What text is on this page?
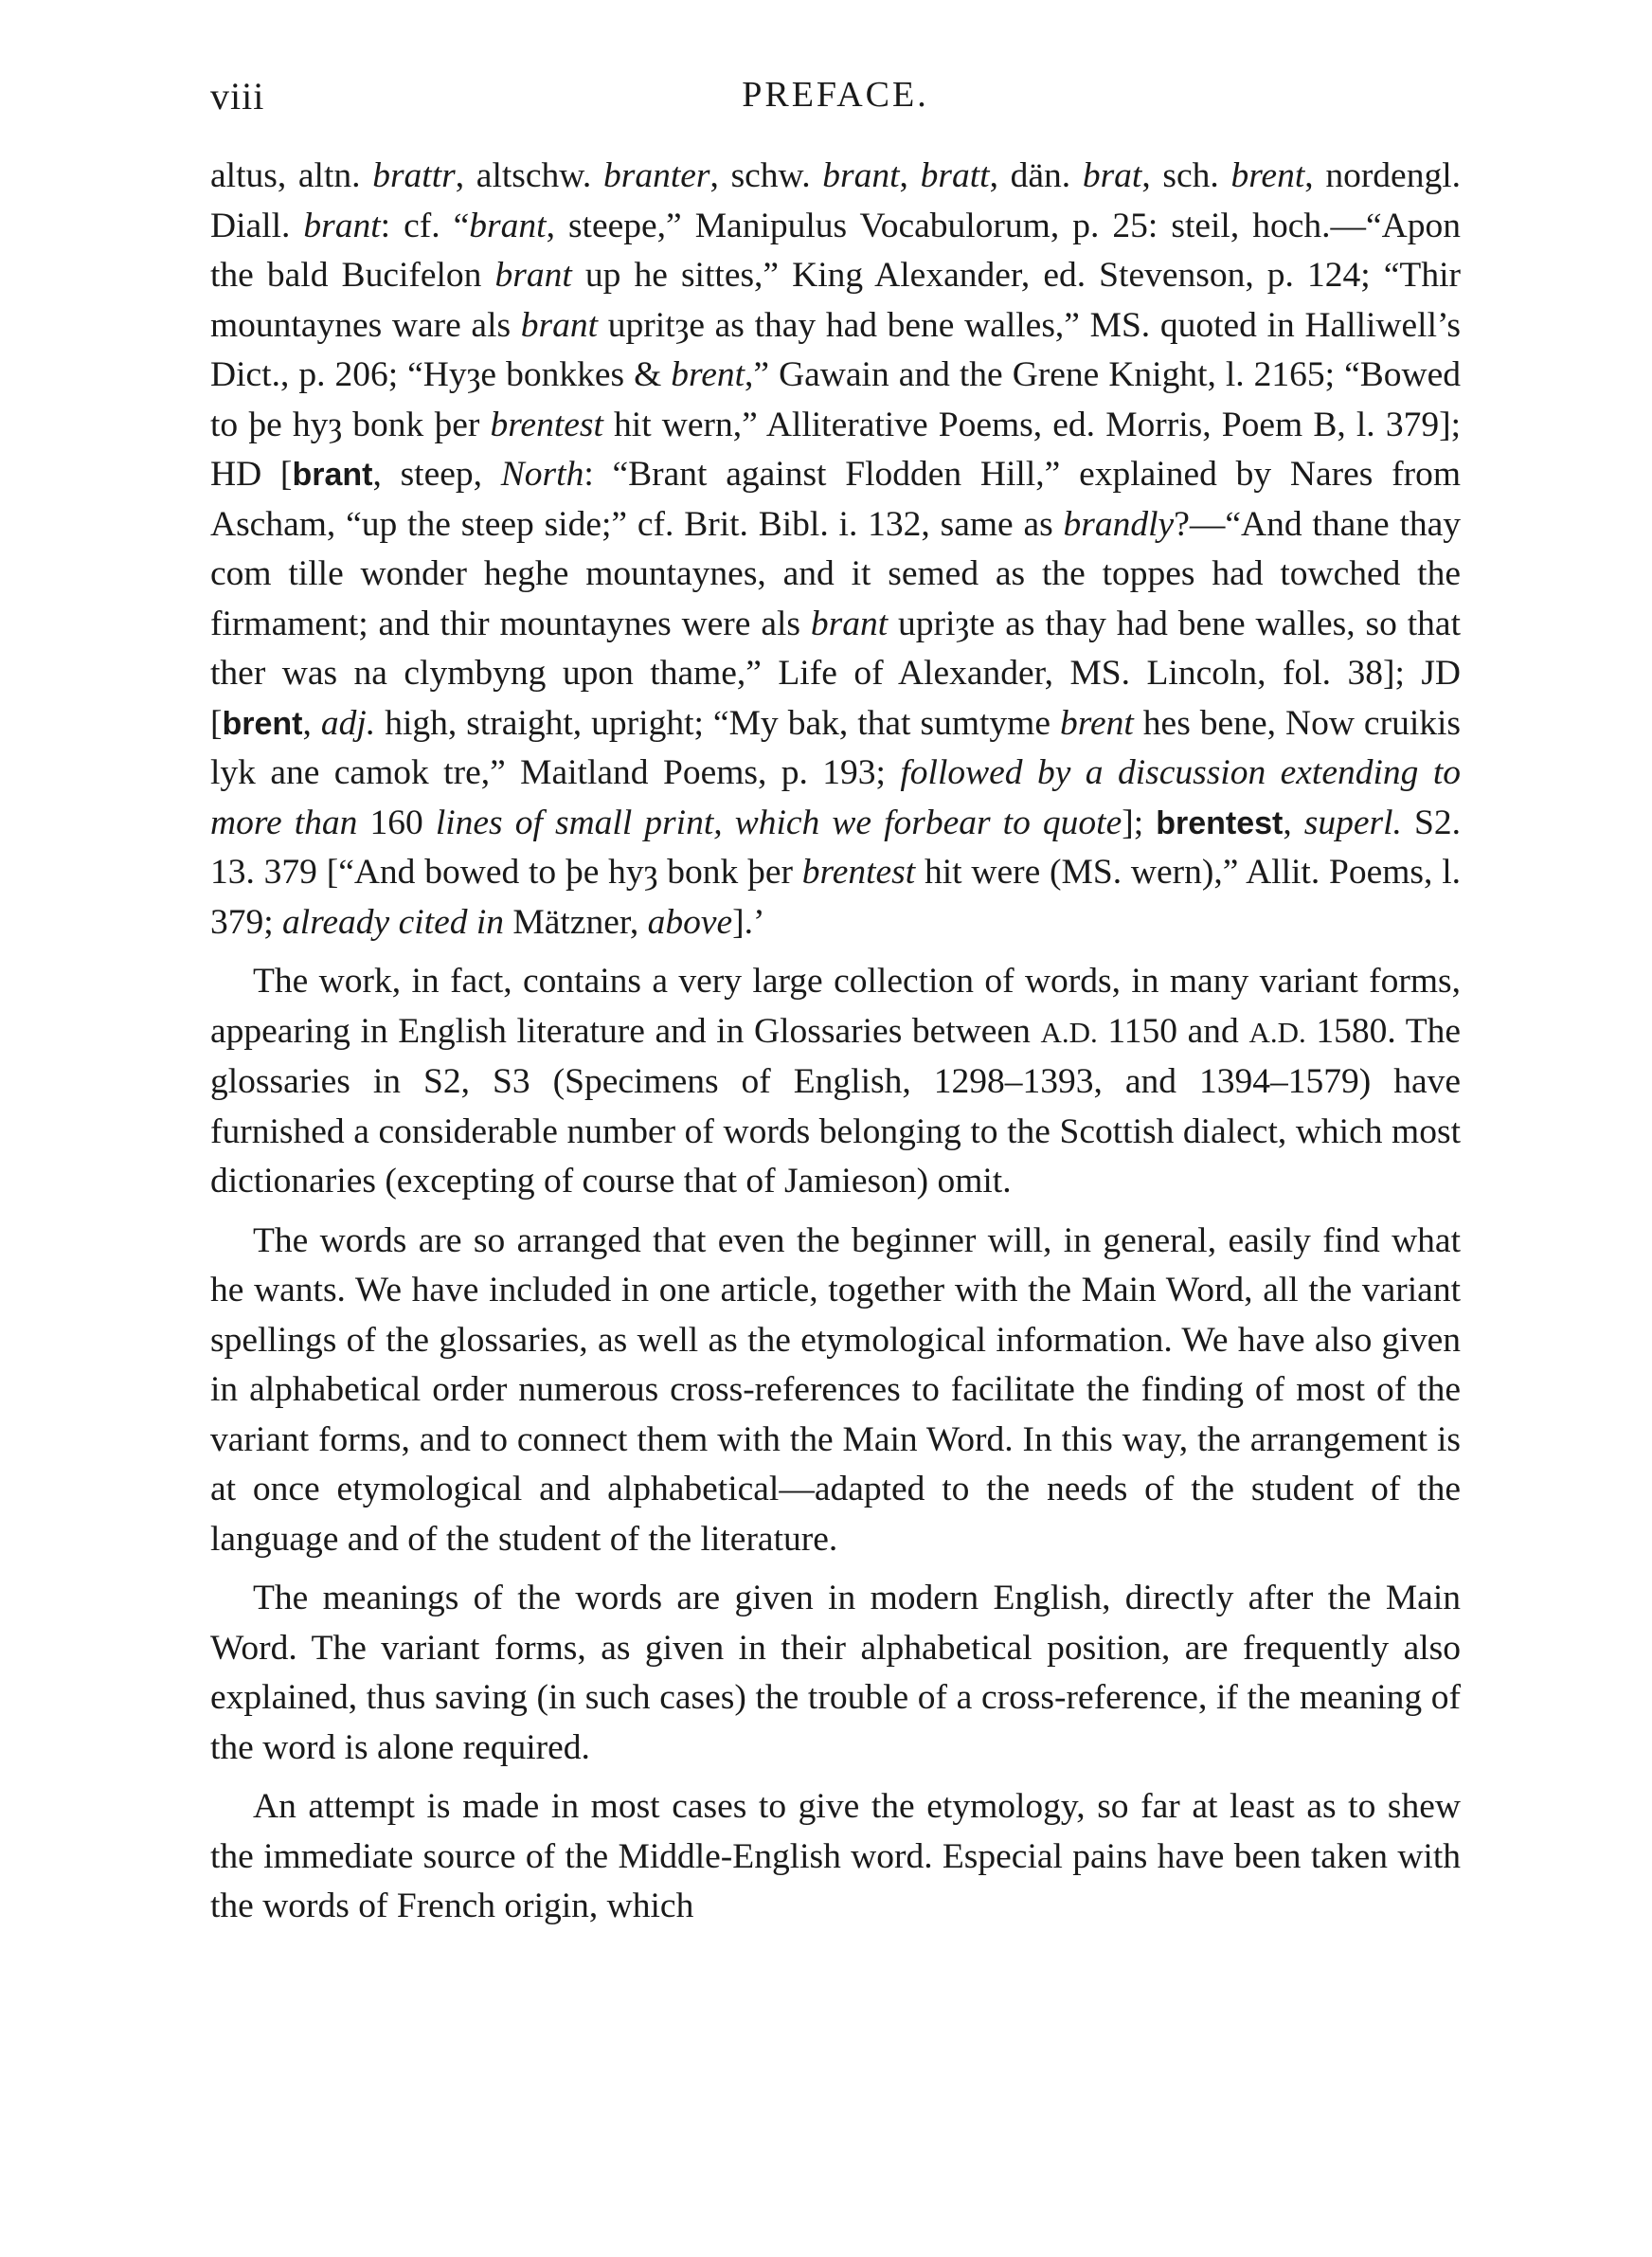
viii	PREFACE.

altus, altn. brattr, altschw. branter, schw. brant, bratt, dän. brat, sch. brent, nordengl. Diall. brant: cf. “brant, steepe,” Manipulus Vocabulorum, p. 25: steil, hoch.—“Apon the bald Bucifelon brant up he sittes,” King Alexander, ed. Stevenson, p. 124; “Thir mountaynes ware als brant upritȝe as thay had bene walles,” MS. quoted in Halliwell’s Dict., p. 206; “Hyȝe bonkkes & brent,” Gawain and the Grene Knight, l. 2165; “Bowed to þe hyȝ bonk þer brentest hit wern,” Alliterative Poems, ed. Morris, Poem B, l. 379]; HD [brant, steep, North: “Brant against Flodden Hill,” explained by Nares from Ascham, “up the steep side;” cf. Brit. Bibl. i. 132, same as brandly?—“And thane thay com tille wonder heghe mountaynes, and it semed as the toppes had towched the firmament; and thir mountaynes were als brant upriȝte as thay had bene walles, so that ther was na clymbyng upon thame,” Life of Alexander, MS. Lincoln, fol. 38]; JD [brent, adj. high, straight, upright; “My bak, that sumtyme brent hes bene, Now cruikis lyk ane camok tre,” Maitland Poems, p. 193; followed by a discussion extending to more than 160 lines of small print, which we forbear to quote]; brentest, superl. S2. 13. 379 [“And bowed to þe hyȝ bonk þer brentest hit were (MS. wern),” Allit. Poems, l. 379; already cited in Mätzner, above].’

The work, in fact, contains a very large collection of words, in many variant forms, appearing in English literature and in Glossaries between A.D. 1150 and A.D. 1580. The glossaries in S2, S3 (Specimens of English, 1298–1393, and 1394–1579) have furnished a considerable number of words belonging to the Scottish dialect, which most dictionaries (excepting of course that of Jamieson) omit.

The words are so arranged that even the beginner will, in general, easily find what he wants. We have included in one article, together with the Main Word, all the variant spellings of the glossaries, as well as the etymological information. We have also given in alphabetical order numerous cross-references to facilitate the finding of most of the variant forms, and to connect them with the Main Word. In this way, the arrangement is at once etymological and alphabetical—adapted to the needs of the student of the language and of the student of the literature.

The meanings of the words are given in modern English, directly after the Main Word. The variant forms, as given in their alphabetical position, are frequently also explained, thus saving (in such cases) the trouble of a cross-reference, if the meaning of the word is alone required.

An attempt is made in most cases to give the etymology, so far at least as to shew the immediate source of the Middle-English word. Especial pains have been taken with the words of French origin, which
